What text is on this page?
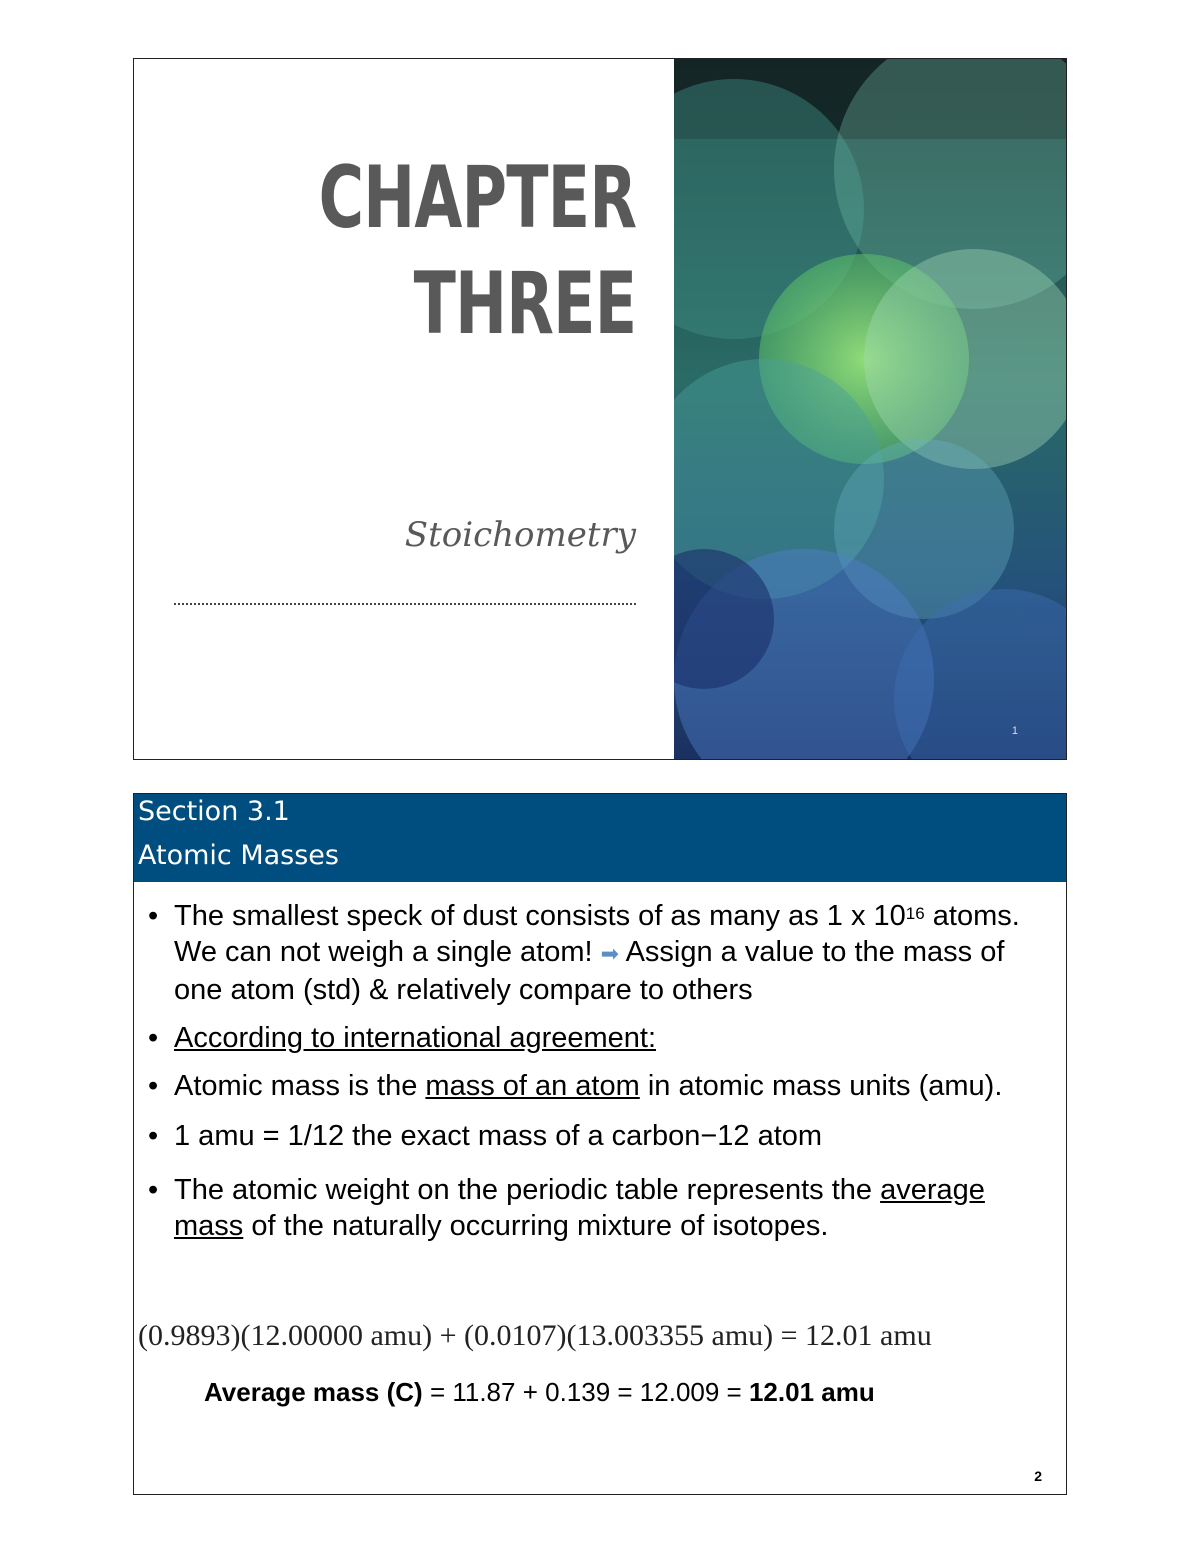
CHAPTER
THREE
Stoichometry
1
Section 3.1
Atomic Masses
• The smallest speck of dust consists of as many as 1 x $10^{16}$ atoms. We can not weigh a single atom! ➡ Assign a value to the mass of one atom (std) & relatively compare to others
• According to international agreement:
• Atomic mass is the mass of an atom in atomic mass units (amu).
• 1 amu = 1/12 the exact mass of a carbon−12 atom
• The atomic weight on the periodic table represents the average mass of the naturally occurring mixture of isotopes.
(0.9893)(12.00000 amu) + (0.0107)(13.003355 amu) = 12.01 amu
Average mass (C) = 11.87 + 0.139 = 12.009 = 12.01 amu
2
